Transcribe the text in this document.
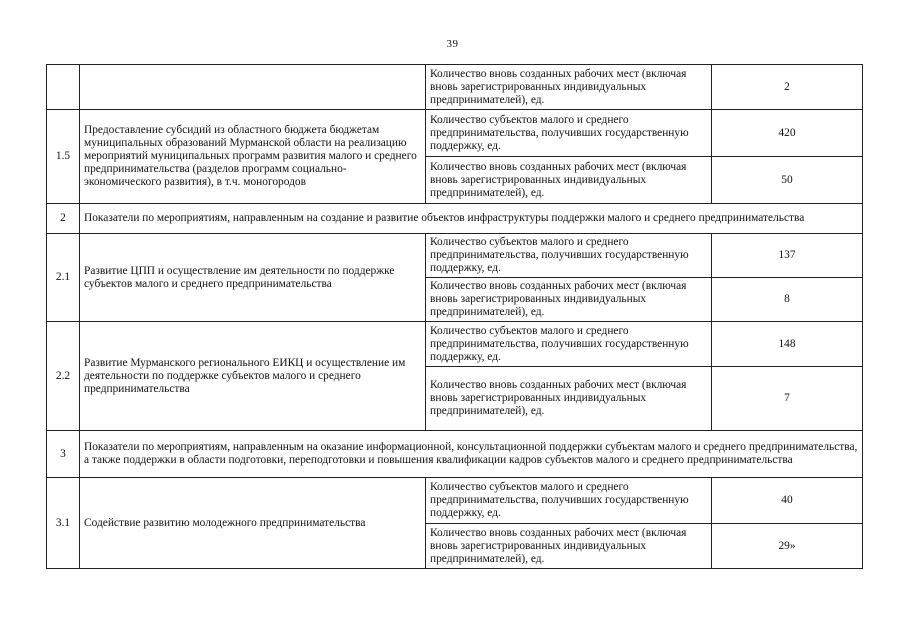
39
		Количество вновь созданных рабочих мест (включая вновь зарегистрированных индивидуальных предпринимателей), ед.	2
1.5	Предоставление субсидий из областного бюджета бюджетам муниципальных образований Мурманской области на реализацию мероприятий муниципальных программ развития малого и среднего предпринимательства (разделов программ социально-экономического развития), в т.ч. моногородов	Количество субъектов малого и среднего предпринимательства, получивших государственную поддержку, ед.	420
		Количество вновь созданных рабочих мест (включая вновь зарегистрированных индивидуальных предпринимателей), ед.	50
2	Показатели по мероприятиям, направленным на создание и развитие объектов инфраструктуры поддержки малого и среднего предпринимательства		
2.1	Развитие ЦПП и осуществление им деятельности по поддержке субъектов малого и среднего предпринимательства	Количество субъектов малого и среднего предпринимательства, получивших государственную поддержку, ед.	137
		Количество вновь созданных рабочих мест (включая вновь зарегистрированных индивидуальных предпринимателей), ед.	8
2.2	Развитие Мурманского регионального ЕИКЦ и осуществление им деятельности по поддержке субъектов малого и среднего предпринимательства	Количество субъектов малого и среднего предпринимательства, получивших государственную поддержку, ед.	148
		Количество вновь созданных рабочих мест (включая вновь зарегистрированных индивидуальных предпринимателей), ед.	7
3	Показатели по мероприятиям, направленным на оказание информационной, консультационной поддержки субъектам малого и среднего предпринимательства, а также поддержки в области подготовки, переподготовки и повышения квалификации кадров субъектов малого и среднего предпринимательства		
3.1	Содействие развитию молодежного предпринимательства	Количество субъектов малого и среднего предпринимательства, получивших государственную поддержку, ед.	40
		Количество вновь созданных рабочих мест (включая вновь зарегистрированных индивидуальных предпринимателей), ед.	29»
